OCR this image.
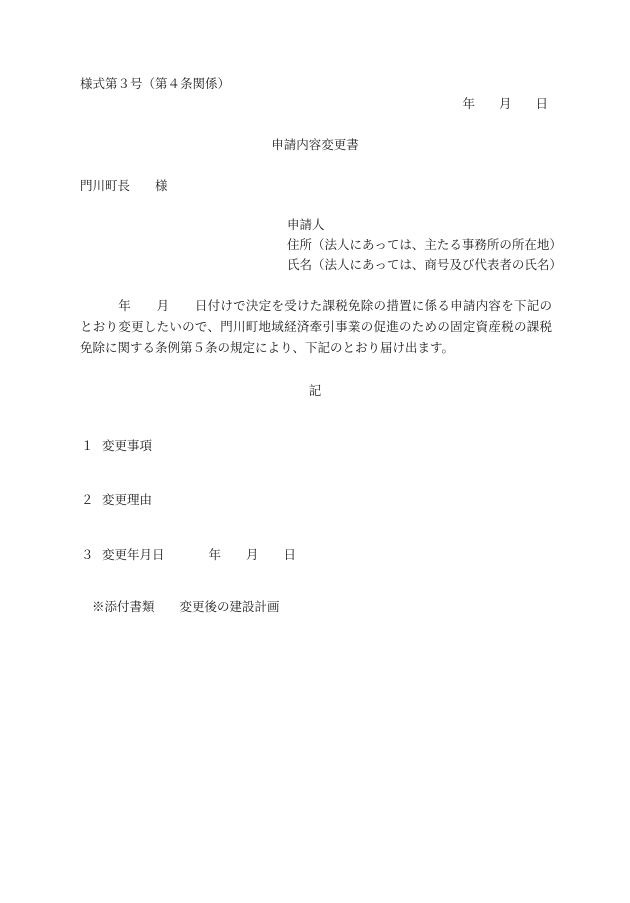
様式第３号（第４条関係）
年 月 日
申請内容変更書
門川町長　　様
申請人
住所（法人にあっては、主たる事務所の所在地）
氏名（法人にあっては、商号及び代表者の氏名）
　　　年　　月　　日付けで決定を受けた課税免除の措置に係る申請内容を下記のとおり変更したいので、門川町地域経済牽引事業の促進のための固定資産税の課税免除に関する条例第５条の規定により、下記のとおり届け出ます。
記
１ 変更事項
２ 変更理由
３ 変更年月日	年　　月　　日
※添付書類　　変更後の建設計画
